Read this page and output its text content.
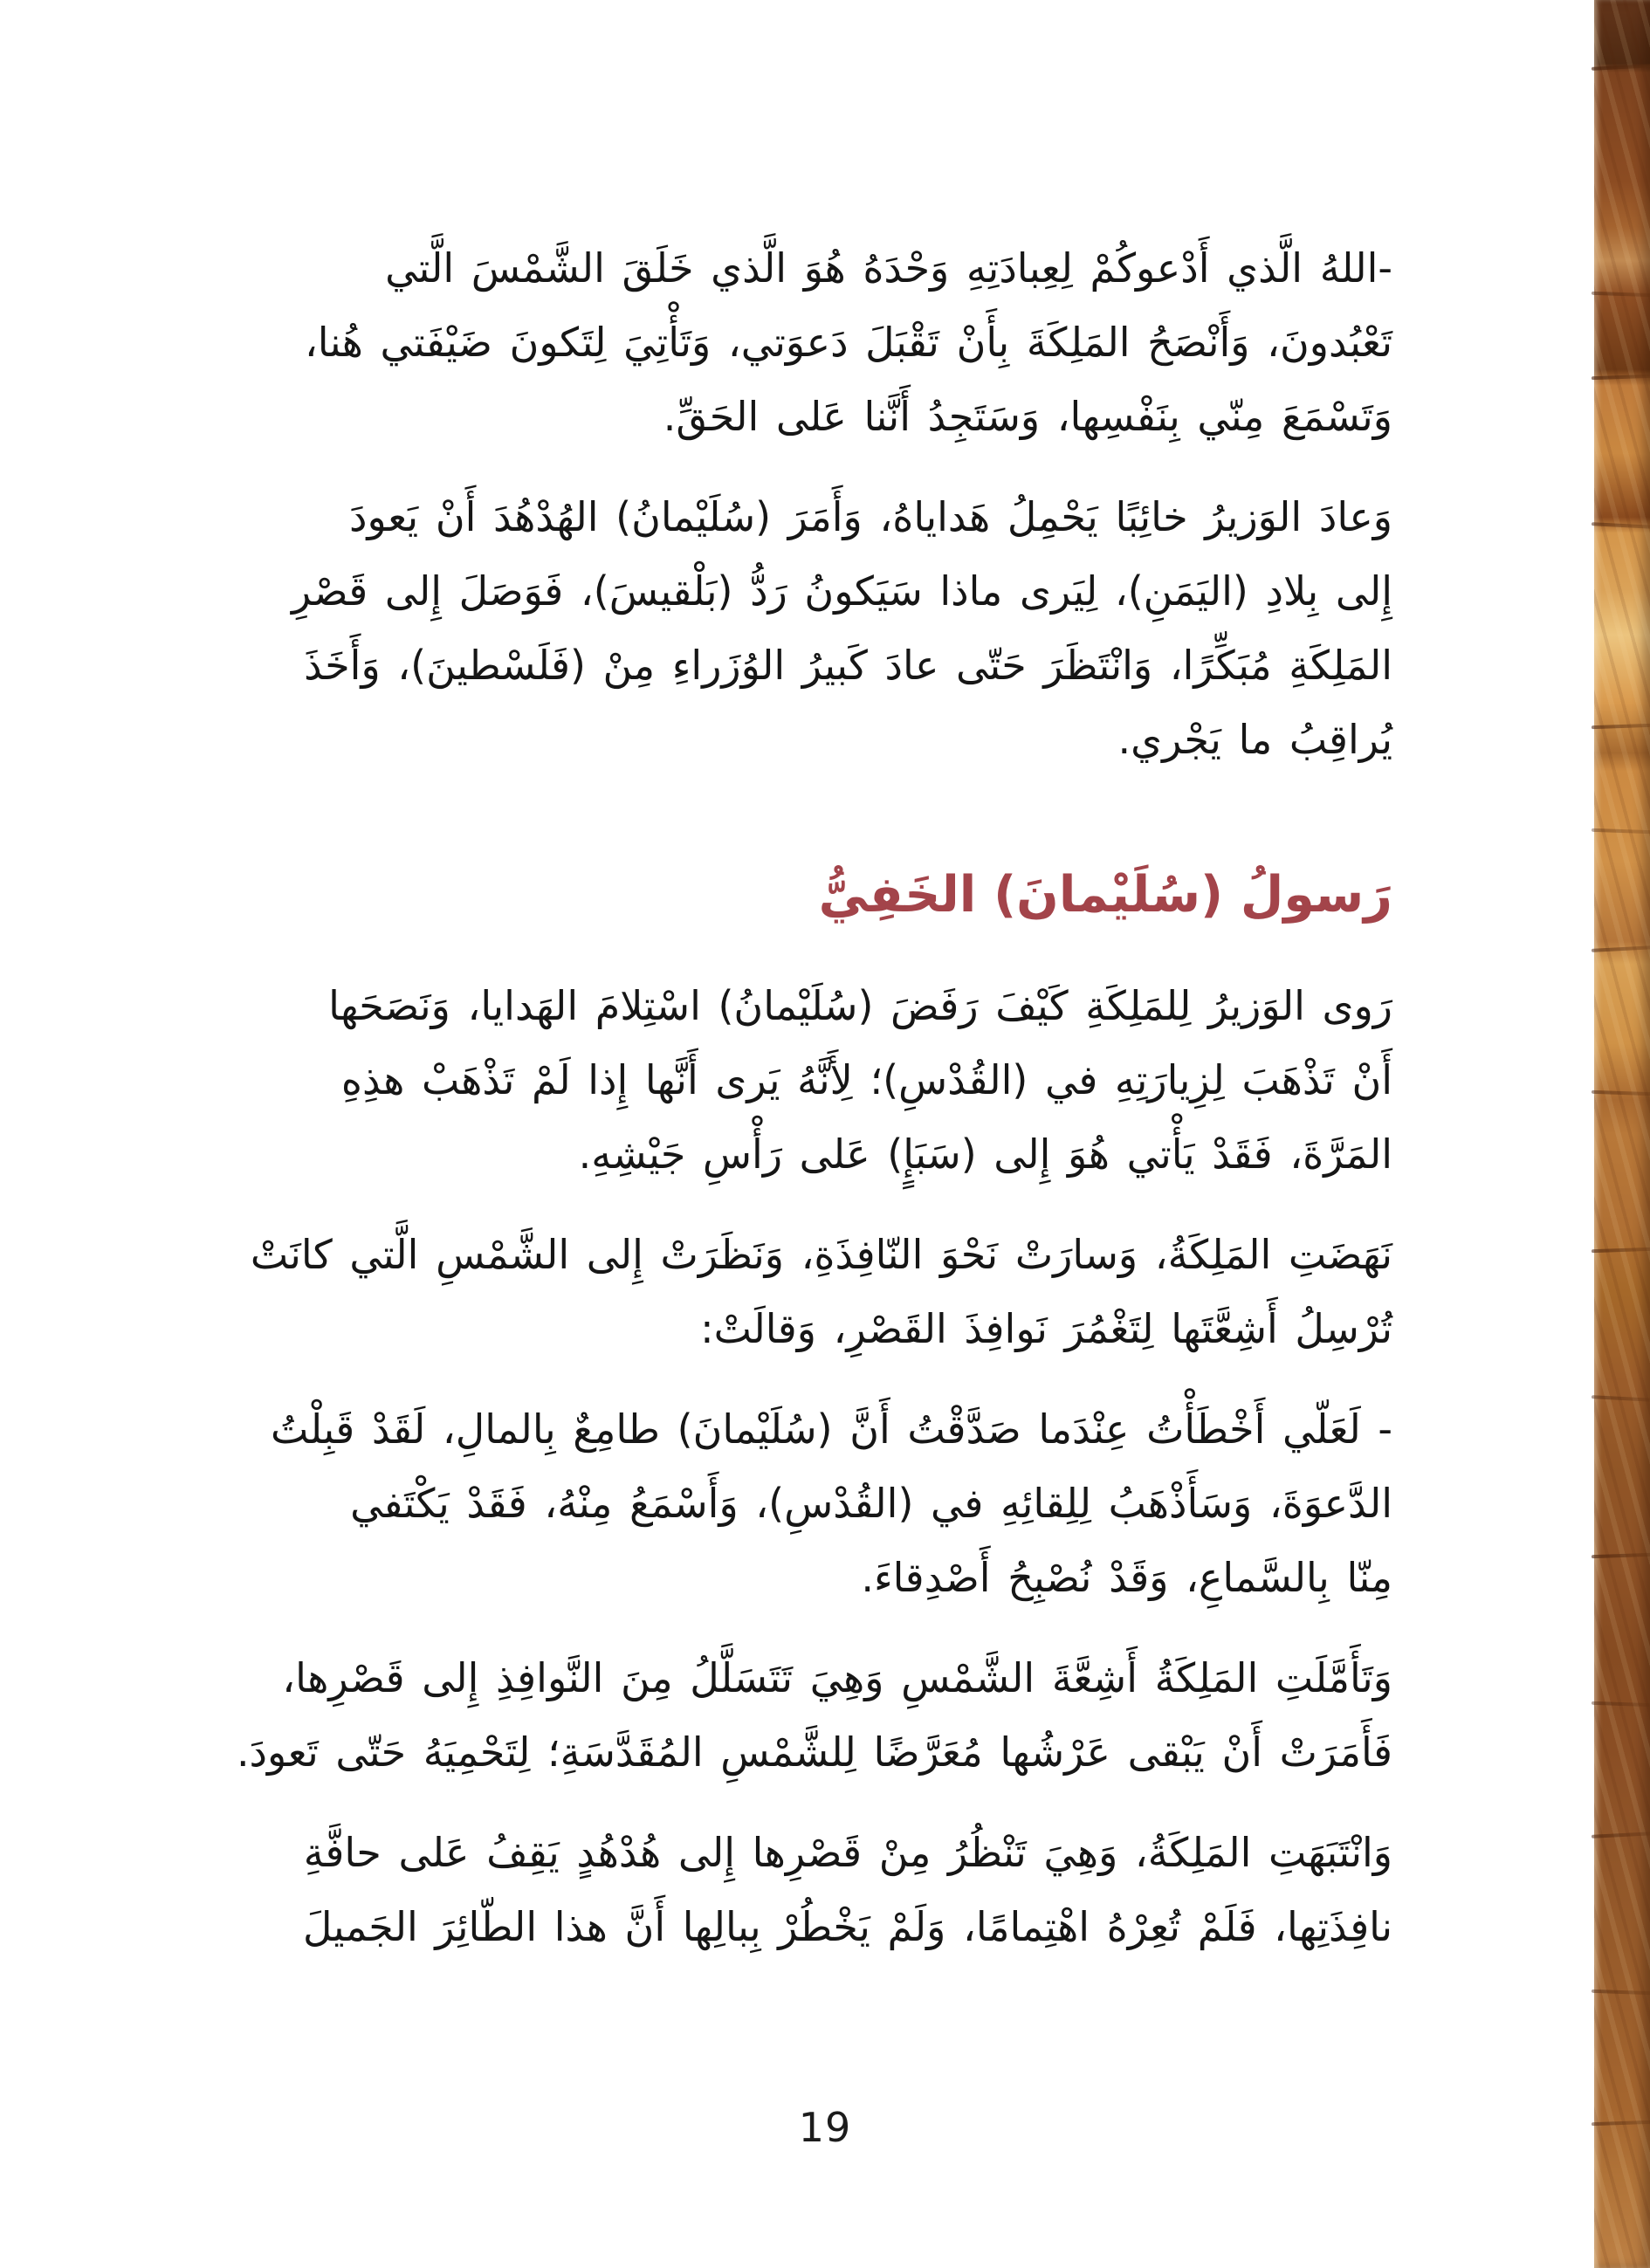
-اللهُ الَّذي أَدْعوكُمْ لِعِبادَتِهِ وَحْدَهُ هُوَ الَّذي خَلَقَ الشَّمْسَ الَّتي
تَعْبُدونَ، وَأَنْصَحُ المَلِكَةَ بِأَنْ تَقْبَلَ دَعوَتي، وَتَأْتِيَ لِتَكونَ ضَيْفَتي هُنا،
وَتَسْمَعَ مِنّي بِنَفْسِها، وَسَتَجِدُ أَنَّنا عَلى الحَقِّ.
وَعادَ الوَزيرُ خائِبًا يَحْمِلُ هَداياهُ، وَأَمَرَ (سُلَيْمانُ) الهُدْهُدَ أَنْ يَعودَ
إِلى بِلادِ (اليَمَنِ)، لِيَرى ماذا سَيَكونُ رَدُّ (بَلْقيسَ)، فَوَصَلَ إِلى قَصْرِ
المَلِكَةِ مُبَكِّرًا، وَانْتَظَرَ حَتّى عادَ كَبيرُ الوُزَراءِ مِنْ (فَلَسْطينَ)، وَأَخَذَ
يُراقِبُ ما يَجْري.
رَسولُ (سُلَيْمانَ) الخَفِيُّ
رَوى الوَزيرُ لِلمَلِكَةِ كَيْفَ رَفَضَ (سُلَيْمانُ) اسْتِلامَ الهَدايا، وَنَصَحَها
أَنْ تَذْهَبَ لِزِيارَتِهِ في (القُدْسِ)؛ لِأَنَّهُ يَرى أَنَّها إِذا لَمْ تَذْهَبْ هذِهِ
المَرَّةَ، فَقَدْ يَأْتي هُوَ إِلى (سَبَإٍ) عَلى رَأْسِ جَيْشِهِ.
نَهَضَتِ المَلِكَةُ، وَسارَتْ نَحْوَ النّافِذَةِ، وَنَظَرَتْ إِلى الشَّمْسِ الَّتي كانَتْ
تُرْسِلُ أَشِعَّتَها لِتَغْمُرَ نَوافِذَ القَصْرِ، وَقالَتْ:
- لَعَلّي أَخْطَأْتُ عِنْدَما صَدَّقْتُ أَنَّ (سُلَيْمانَ) طامِعٌ بِالمالِ، لَقَدْ قَبِلْتُ
الدَّعوَةَ، وَسَأَذْهَبُ لِلِقائِهِ في (القُدْسِ)، وَأَسْمَعُ مِنْهُ، فَقَدْ يَكْتَفي
مِنّا بِالسَّماعِ، وَقَدْ نُصْبِحُ أَصْدِقاءَ.
وَتَأَمَّلَتِ المَلِكَةُ أَشِعَّةَ الشَّمْسِ وَهِيَ تَتَسَلَّلُ مِنَ النَّوافِذِ إِلى قَصْرِها،
فَأَمَرَتْ أَنْ يَبْقى عَرْشُها مُعَرَّضًا لِلشَّمْسِ المُقَدَّسَةِ؛ لِتَحْمِيَهُ حَتّى تَعودَ.
وَانْتَبَهَتِ المَلِكَةُ، وَهِيَ تَنْظُرُ مِنْ قَصْرِها إِلى هُدْهُدٍ يَقِفُ عَلى حافَّةِ
نافِذَتِها، فَلَمْ تُعِرْهُ اهْتِمامًا، وَلَمْ يَخْطُرْ بِبالِها أَنَّ هذا الطّائِرَ الجَميلَ
19
